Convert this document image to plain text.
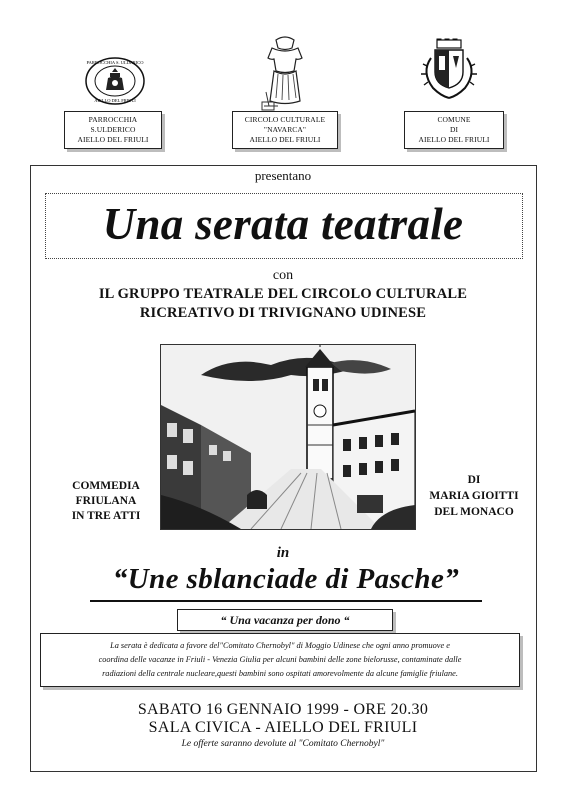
PARROCCHIA S. ULDERICO
AIELLO DEL FRIULI
PARROCCHIA
S.ULDERICO
AIELLO DEL FRIULI
CIRCOLO CULTURALE
"NAVARCA"
AIELLO DEL FRIULI
COMUNE
DI
AIELLO DEL FRIULI
presentano
Una serata teatrale
con
IL GRUPPO TEATRALE DEL CIRCOLO CULTURALE
RICREATIVO DI TRIVIGNANO UDINESE
COMMEDIA
FRIULANA
IN TRE ATTI
DI
MARIA GIOITTI
DEL MONACO
in
“Une sblanciade di Pasche”
“ Una vacanza per dono “
La serata è dedicata a favore del"Comitato Chernobyl" di Moggio Udinese che ogni anno promuove e
coordina delle vacanze in Friuli - Venezia Giulia per alcuni bambini delle zone bielorusse, contaminate dalle
radiazioni della centrale nucleare,questi bambini sono ospitati amorevolmente da alcune famiglie friulane.
SABATO 16 GENNAIO 1999 - ORE 20.30
SALA CIVICA - AIELLO DEL FRIULI
Le offerte saranno devolute al "Comitato Chernobyl"
